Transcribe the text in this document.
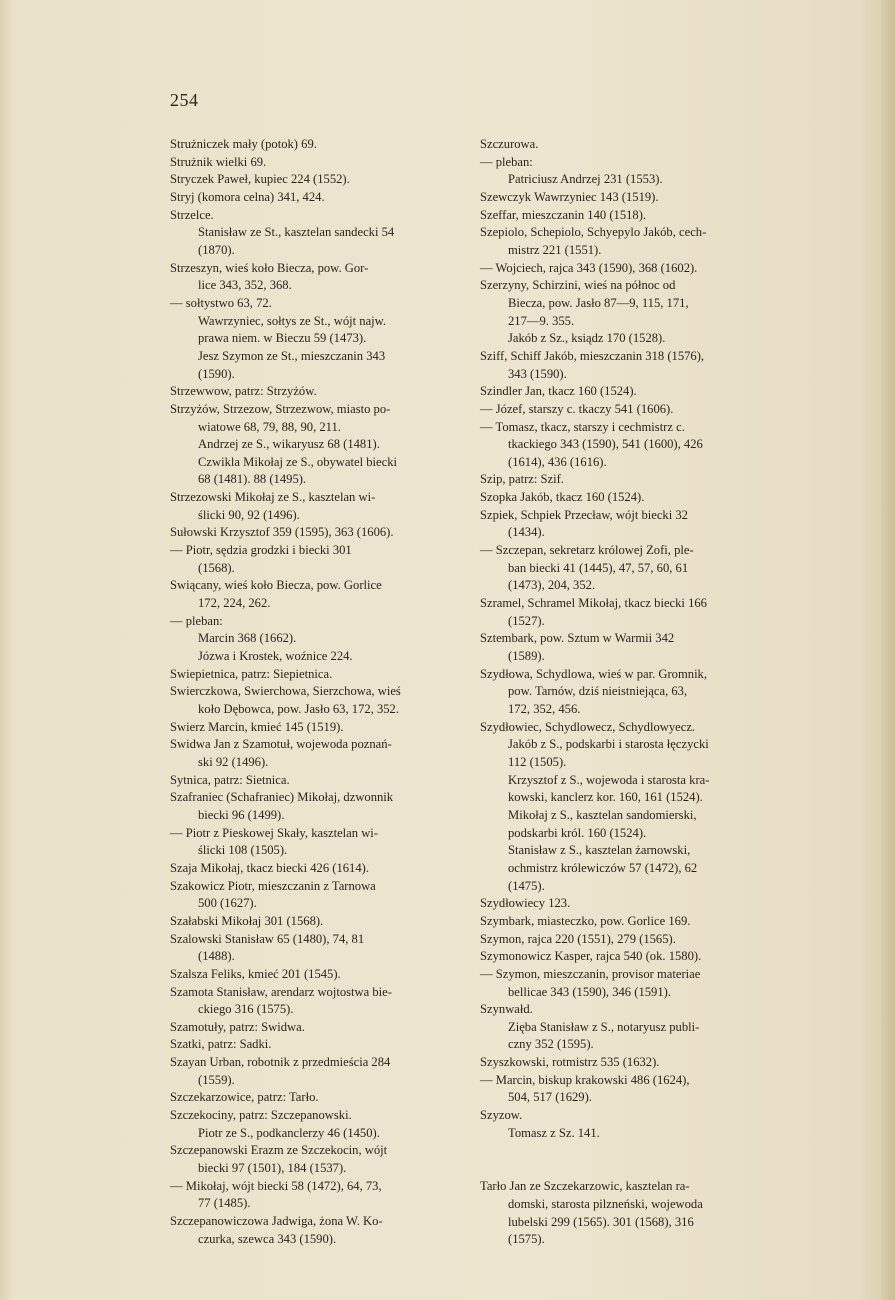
254
Strużniczek mały (potok) 69.
Strużnik wielki 69.
Stryczek Paweł, kupiec 224 (1552).
Stryj (komora celna) 341, 424.
Strzelce.
Stanisław ze St., kasztelan sandecki 54
(1870).
Strzeszyn, wieś koło Biecza, pow. Gor-
lice 343, 352, 368.
— sołtystwo 63, 72.
Wawrzyniec, sołtys ze St., wójt najw.
prawa niem. w Bieczu 59 (1473).
Jesz Szymon ze St., mieszczanin 343
(1590).
Strzewwow, patrz: Strzyżów.
Strzyżów, Strzezow, Strzezwow, miasto po-
wiatowe 68, 79, 88, 90, 211.
Andrzej ze S., wikaryusz 68 (1481).
Czwikla Mikołaj ze S., obywatel biecki
68 (1481). 88 (1495).
Strzezowski Mikołaj ze S., kasztelan wi-
ślicki 90, 92 (1496).
Sułowski Krzysztof 359 (1595), 363 (1606).
— Piotr, sędzia grodzki i biecki 301
(1568).
Swiącany, wieś koło Biecza, pow. Gorlice
172, 224, 262.
— pleban:
Marcin 368 (1662).
Józwa i Krostek, woźnice 224.
Swiepietnica, patrz: Siepietnica.
Swierczkowa, Swierchowa, Sierzchowa, wieś
koło Dębowca, pow. Jasło 63, 172, 352.
Swierz Marcin, kmieć 145 (1519).
Swidwa Jan z Szamotuł, wojewoda poznań-
ski 92 (1496).
Sytnica, patrz: Sietnica.
Szafraniec (Schafraniec) Mikołaj, dzwonnik
biecki 96 (1499).
— Piotr z Pieskowej Skały, kasztelan wi-
ślicki 108 (1505).
Szaja Mikołaj, tkacz biecki 426 (1614).
Szakowicz Piotr, mieszczanin z Tarnowa
500 (1627).
Szałabski Mikołaj 301 (1568).
Szalowski Stanisław 65 (1480), 74, 81
(1488).
Szalsza Feliks, kmieć 201 (1545).
Szamota Stanisław, arendarz wojtostwa bie-
ckiego 316 (1575).
Szamotuły, patrz: Swidwa.
Szatki, patrz: Sadki.
Szayan Urban, robotnik z przedmieścia 284
(1559).
Szczekarzowice, patrz: Tarło.
Szczekociny, patrz: Szczepanowski.
Piotr ze S., podkanclerzy 46 (1450).
Szczepanowski Erazm ze Szczekocin, wójt
biecki 97 (1501), 184 (1537).
— Mikołaj, wójt biecki 58 (1472), 64, 73,
77 (1485).
Szczepanowiczowa Jadwiga, żona W. Ko-
czurka, szewca 343 (1590).
Szczurowa.
— pleban:
Patriciusz Andrzej 231 (1553).
Szewczyk Wawrzyniec 143 (1519).
Szeffar, mieszczanin 140 (1518).
Szepiolo, Schepiolo, Schyepylo Jakób, cech-
mistrz 221 (1551).
— Wojciech, rajca 343 (1590), 368 (1602).
Szerzyny, Schirzini, wieś na północ od
Biecza, pow. Jasło 87—9, 115, 171,
217—9. 355.
Jakób z Sz., ksiądz 170 (1528).
Sziff, Schiff Jakób, mieszczanin 318 (1576),
343 (1590).
Szindler Jan, tkacz 160 (1524).
— Józef, starszy c. tkaczy 541 (1606).
— Tomasz, tkacz, starszy i cechmistrz c.
tkackiego 343 (1590), 541 (1600), 426
(1614), 436 (1616).
Szip, patrz: Szif.
Szopka Jakób, tkacz 160 (1524).
Szpiek, Schpiek Przecław, wójt biecki 32
(1434).
— Szczepan, sekretarz królowej Zofi, ple-
ban biecki 41 (1445), 47, 57, 60, 61
(1473), 204, 352.
Szramel, Schramel Mikołaj, tkacz biecki 166
(1527).
Sztembark, pow. Sztum w Warmii 342
(1589).
Szydłowa, Schydlowa, wieś w par. Gromnik,
pow. Tarnów, dziś nieistniejąca, 63,
172, 352, 456.
Szydłowiec, Schydlowecz, Schydlowyecz.
Jakób z S., podskarbi i starosta łęczycki
112 (1505).
Krzysztof z S., wojewoda i starosta kra-
kowski, kanclerz kor. 160, 161 (1524).
Mikołaj z S., kasztelan sandomierski,
podskarbi król. 160 (1524).
Stanisław z S., kasztelan żarnowski,
ochmistrz królewiczów 57 (1472), 62
(1475).
Szydłowiecy 123.
Szymbark, miasteczko, pow. Gorlice 169.
Szymon, rajca 220 (1551), 279 (1565).
Szymonowicz Kasper, rajca 540 (ok. 1580).
— Szymon, mieszczanin, provisor materiae
bellicae 343 (1590), 346 (1591).
Szynwałd.
Zięba Stanisław z S., notaryusz publi-
czny 352 (1595).
Szyszkowski, rotmistrz 535 (1632).
— Marcin, biskup krakowski 486 (1624),
504, 517 (1629).
Szyzow.
Tomasz z Sz. 141.
Tarło Jan ze Szczekarzowic, kasztelan ra-
domski, starosta pilzneński, wojewoda
lubelski 299 (1565). 301 (1568), 316
(1575).
